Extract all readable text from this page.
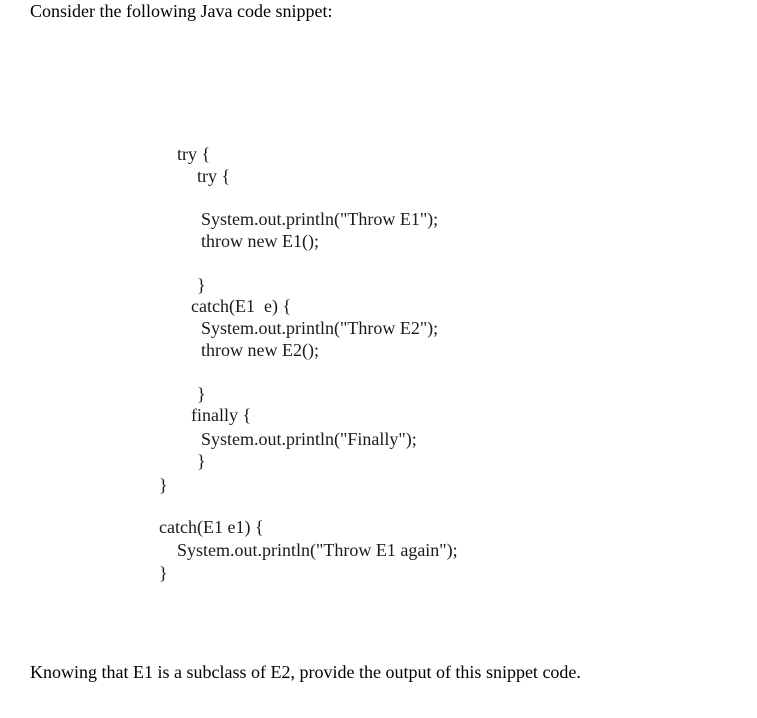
Consider the following Java code snippet:
try {
try {
System.out.println("Throw E1");
throw new E1();
}
catch(E1  e) {
System.out.println("Throw E2");
throw new E2();
}
finally {
System.out.println("Finally");
}
}
catch(E1 e1) {
System.out.println("Throw E1 again");
}
Knowing that E1 is a subclass of E2, provide the output of this snippet code.
